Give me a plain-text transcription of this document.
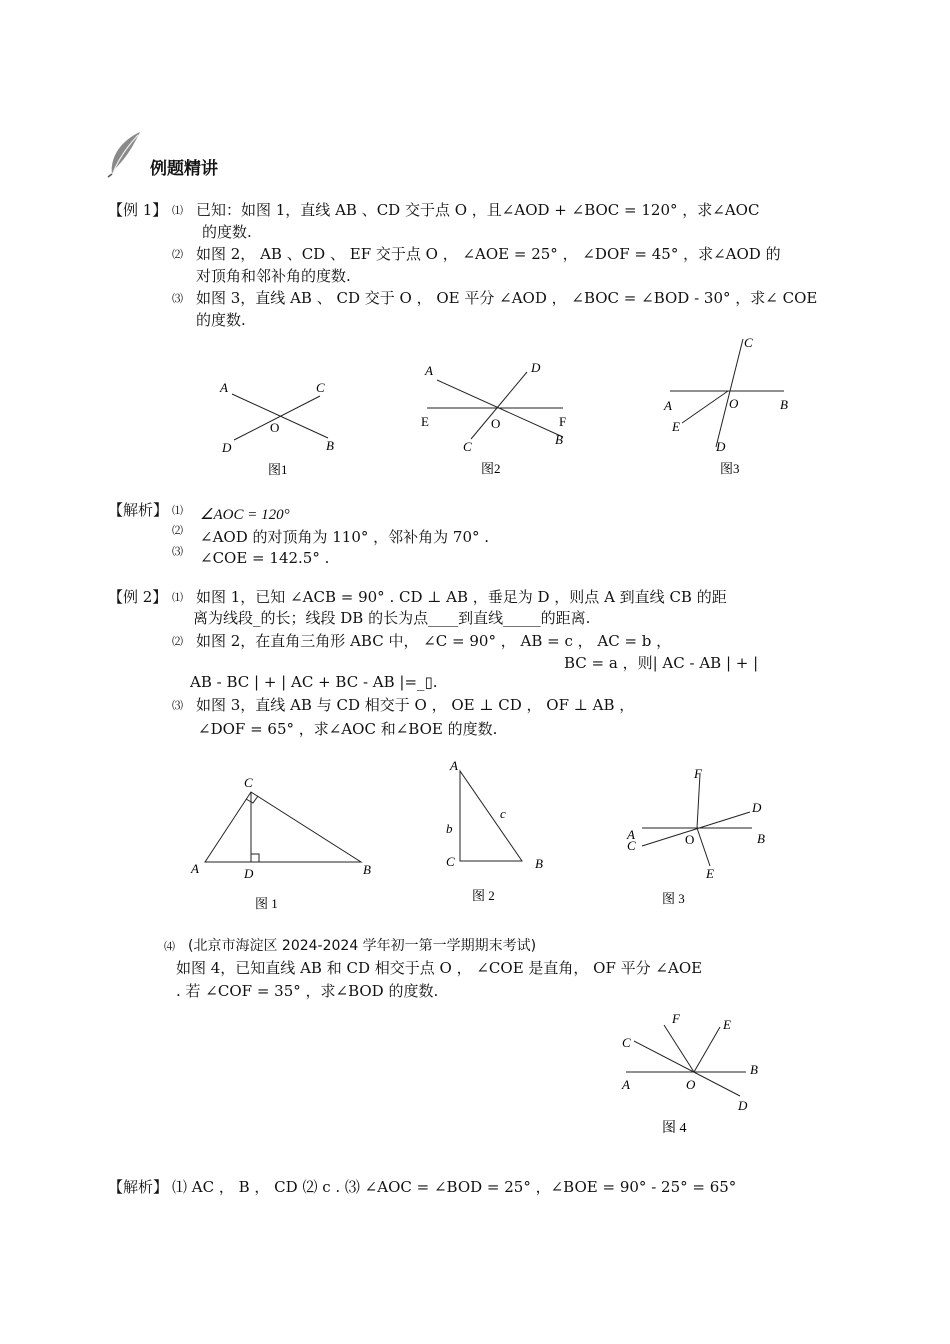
例题精讲
【例 1】 ⑴ 已知：如图 1，直线 AB 、CD 交于点 O ，且∠AOD + ∠BOC = 120° ，求∠AOC
的度数.
⑵ 如图 2， AB 、CD 、 EF 交于点 O ， ∠AOE = 25° ， ∠DOF = 45° ，求∠AOD 的
对顶角和邻补角的度数.
⑶ 如图 3，直线 AB 、 CD 交于 O ， OE 平分 ∠AOD ， ∠BOC = ∠BOD - 30° ，求∠ COE
的度数.
A	C
O
D	B
图1
A	D
E	O	F
C	B
图2
C
A	O	B
E
D
图3
【解析】 ⑴ ∠AOC = 120°
⑵ ∠AOD 的对顶角为 110° ，邻补角为 70° .
⑶ ∠COE = 142.5° .
【例 2】 ⑴ 如图 1，已知 ∠ACB = 90° . CD ⊥ AB ，垂足为 D ，则点 A 到直线 CB 的距
离为线段_的长；线段 DB 的长为点____到直线_____的距离.
⑵ 如图 2，在直角三角形 ABC 中， ∠C = 90° ， AB = c ， AC = b ，
BC = a ，则| AC - AB | + |
AB - BC | + | AC + BC - AB |=_▯.
⑶ 如图 3，直线 AB 与 CD 相交于 O ， OE ⊥ CD ， OF ⊥ AB ，
∠DOF = 65° ，求∠AOC 和∠BOE 的度数.
C
A	D	B
图 1
A
b
c
C	B
图 2
F
D
A
C	O	B
E
图 3
⑷ (北京市海淀区 2024-2024 学年初一第一学期期末考试)
如图 4，已知直线 AB 和 CD 相交于点 O ， ∠COE 是直角， OF 平分 ∠AOE
. 若 ∠COF = 35° ，求∠BOD 的度数.
F	E
C
B
A	O
D
图 4
【解析】 ⑴ AC ， B ， CD ⑵ c . ⑶ ∠AOC = ∠BOD = 25° ，∠BOE = 90° - 25° = 65°
